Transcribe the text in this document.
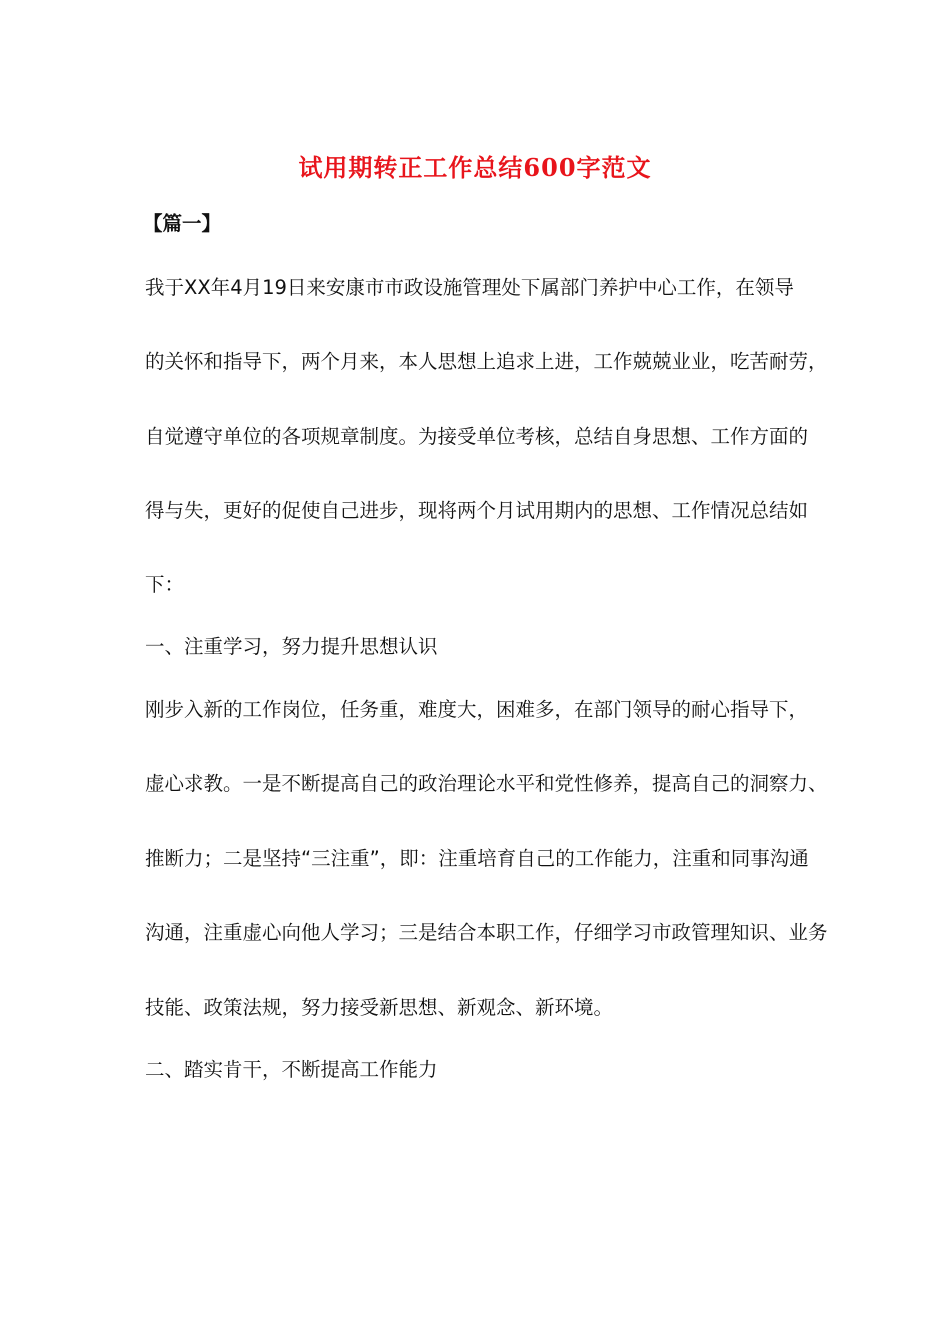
试用期转正工作总结600字范文
【篇一】
我于XX年4月19日来安康市市政设施管理处下属部门养护中心工作，在领导
的关怀和指导下，两个月来，本人思想上追求上进，工作兢兢业业，吃苦耐劳，
自觉遵守单位的各项规章制度。为接受单位考核，总结自身思想、工作方面的
得与失，更好的促使自己进步，现将两个月试用期内的思想、工作情况总结如
下：
一、注重学习，努力提升思想认识
刚步入新的工作岗位，任务重，难度大，困难多，在部门领导的耐心指导下，
虚心求教。一是不断提高自己的政治理论水平和党性修养，提高自己的洞察力、
推断力；二是坚持“三注重”，即：注重培育自己的工作能力，注重和同事沟通
沟通，注重虚心向他人学习；三是结合本职工作，仔细学习市政管理知识、业务
技能、政策法规，努力接受新思想、新观念、新环境。
二、踏实肯干，不断提高工作能力
